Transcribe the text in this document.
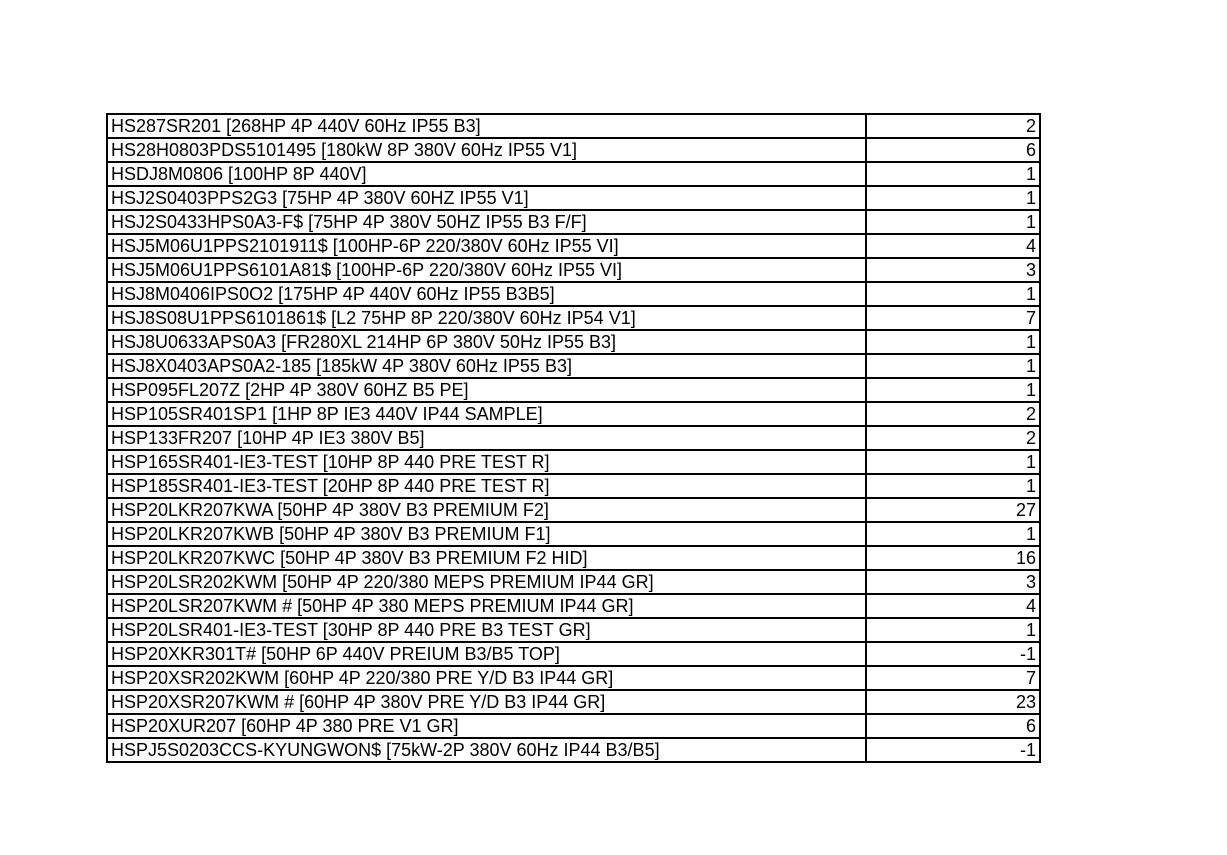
HS287SR201 [268HP 4P 440V 60Hz IP55 B3]	2
HS28H0803PDS5101495 [180kW 8P 380V 60Hz IP55 V1]	6
HSDJ8M0806 [100HP 8P 440V]	1
HSJ2S0403PPS2G3 [75HP 4P 380V 60HZ IP55 V1]	1
HSJ2S0433HPS0A3-F$ [75HP 4P 380V 50HZ IP55 B3 F/F]	1
HSJ5M06U1PPS2101911$ [100HP-6P 220/380V 60Hz IP55 VI]	4
HSJ5M06U1PPS6101A81$ [100HP-6P 220/380V 60Hz IP55 VI]	3
HSJ8M0406IPS0O2 [175HP 4P 440V 60Hz IP55 B3B5]	1
HSJ8S08U1PPS6101861$ [L2 75HP 8P 220/380V 60Hz IP54 V1]	7
HSJ8U0633APS0A3 [FR280XL 214HP 6P 380V 50Hz IP55 B3]	1
HSJ8X0403APS0A2-185 [185kW 4P 380V 60Hz IP55 B3]	1
HSP095FL207Z [2HP 4P 380V 60HZ B5 PE]	1
HSP105SR401SP1 [1HP 8P IE3 440V IP44 SAMPLE]	2
HSP133FR207 [10HP 4P IE3 380V B5]	2
HSP165SR401-IE3-TEST [10HP 8P 440 PRE TEST R]	1
HSP185SR401-IE3-TEST [20HP 8P 440 PRE TEST R]	1
HSP20LKR207KWA [50HP 4P 380V B3 PREMIUM F2]	27
HSP20LKR207KWB [50HP 4P 380V B3 PREMIUM F1]	1
HSP20LKR207KWC [50HP 4P 380V B3 PREMIUM F2 HID]	16
HSP20LSR202KWM [50HP 4P 220/380 MEPS PREMIUM IP44 GR]	3
HSP20LSR207KWM # [50HP 4P 380 MEPS PREMIUM IP44 GR]	4
HSP20LSR401-IE3-TEST [30HP 8P 440 PRE B3 TEST GR]	1
HSP20XKR301T# [50HP 6P 440V PREIUM B3/B5 TOP]	-1
HSP20XSR202KWM [60HP 4P 220/380 PRE Y/D B3 IP44 GR]	7
HSP20XSR207KWM # [60HP 4P 380V PRE Y/D B3 IP44 GR]	23
HSP20XUR207 [60HP 4P 380 PRE V1 GR]	6
HSPJ5S0203CCS-KYUNGWON$ [75kW-2P 380V 60Hz IP44 B3/B5]	-1
